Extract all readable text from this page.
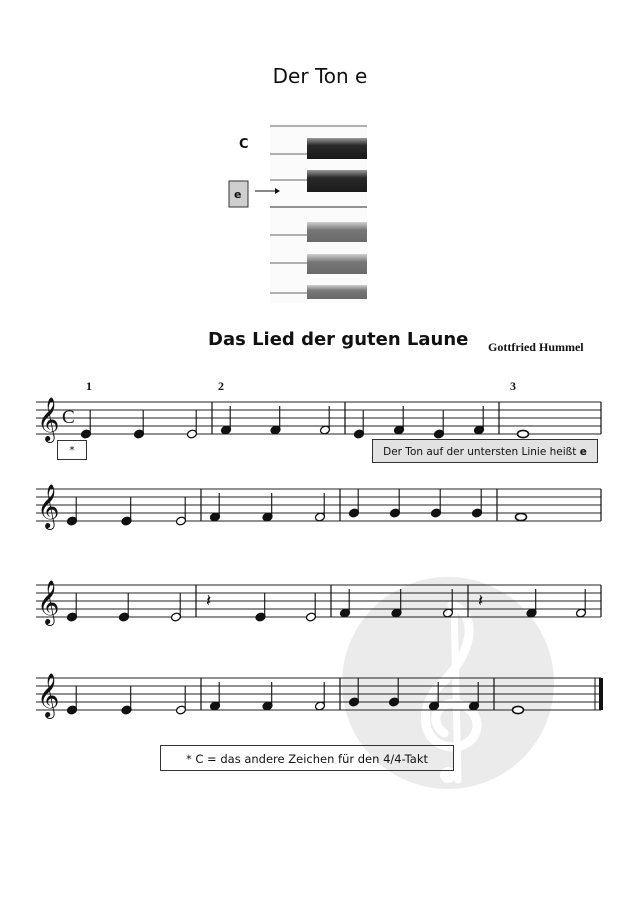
Der Ton e
C
e
Das Lied der guten Laune Gottfried Hummel
𝄞 C
𝄞
𝄞	𝄽	𝄽
𝄞
1	2	3
*	Der Ton auf der untersten Linie heißt e
* C = das andere Zeichen für den 4/4-Takt
